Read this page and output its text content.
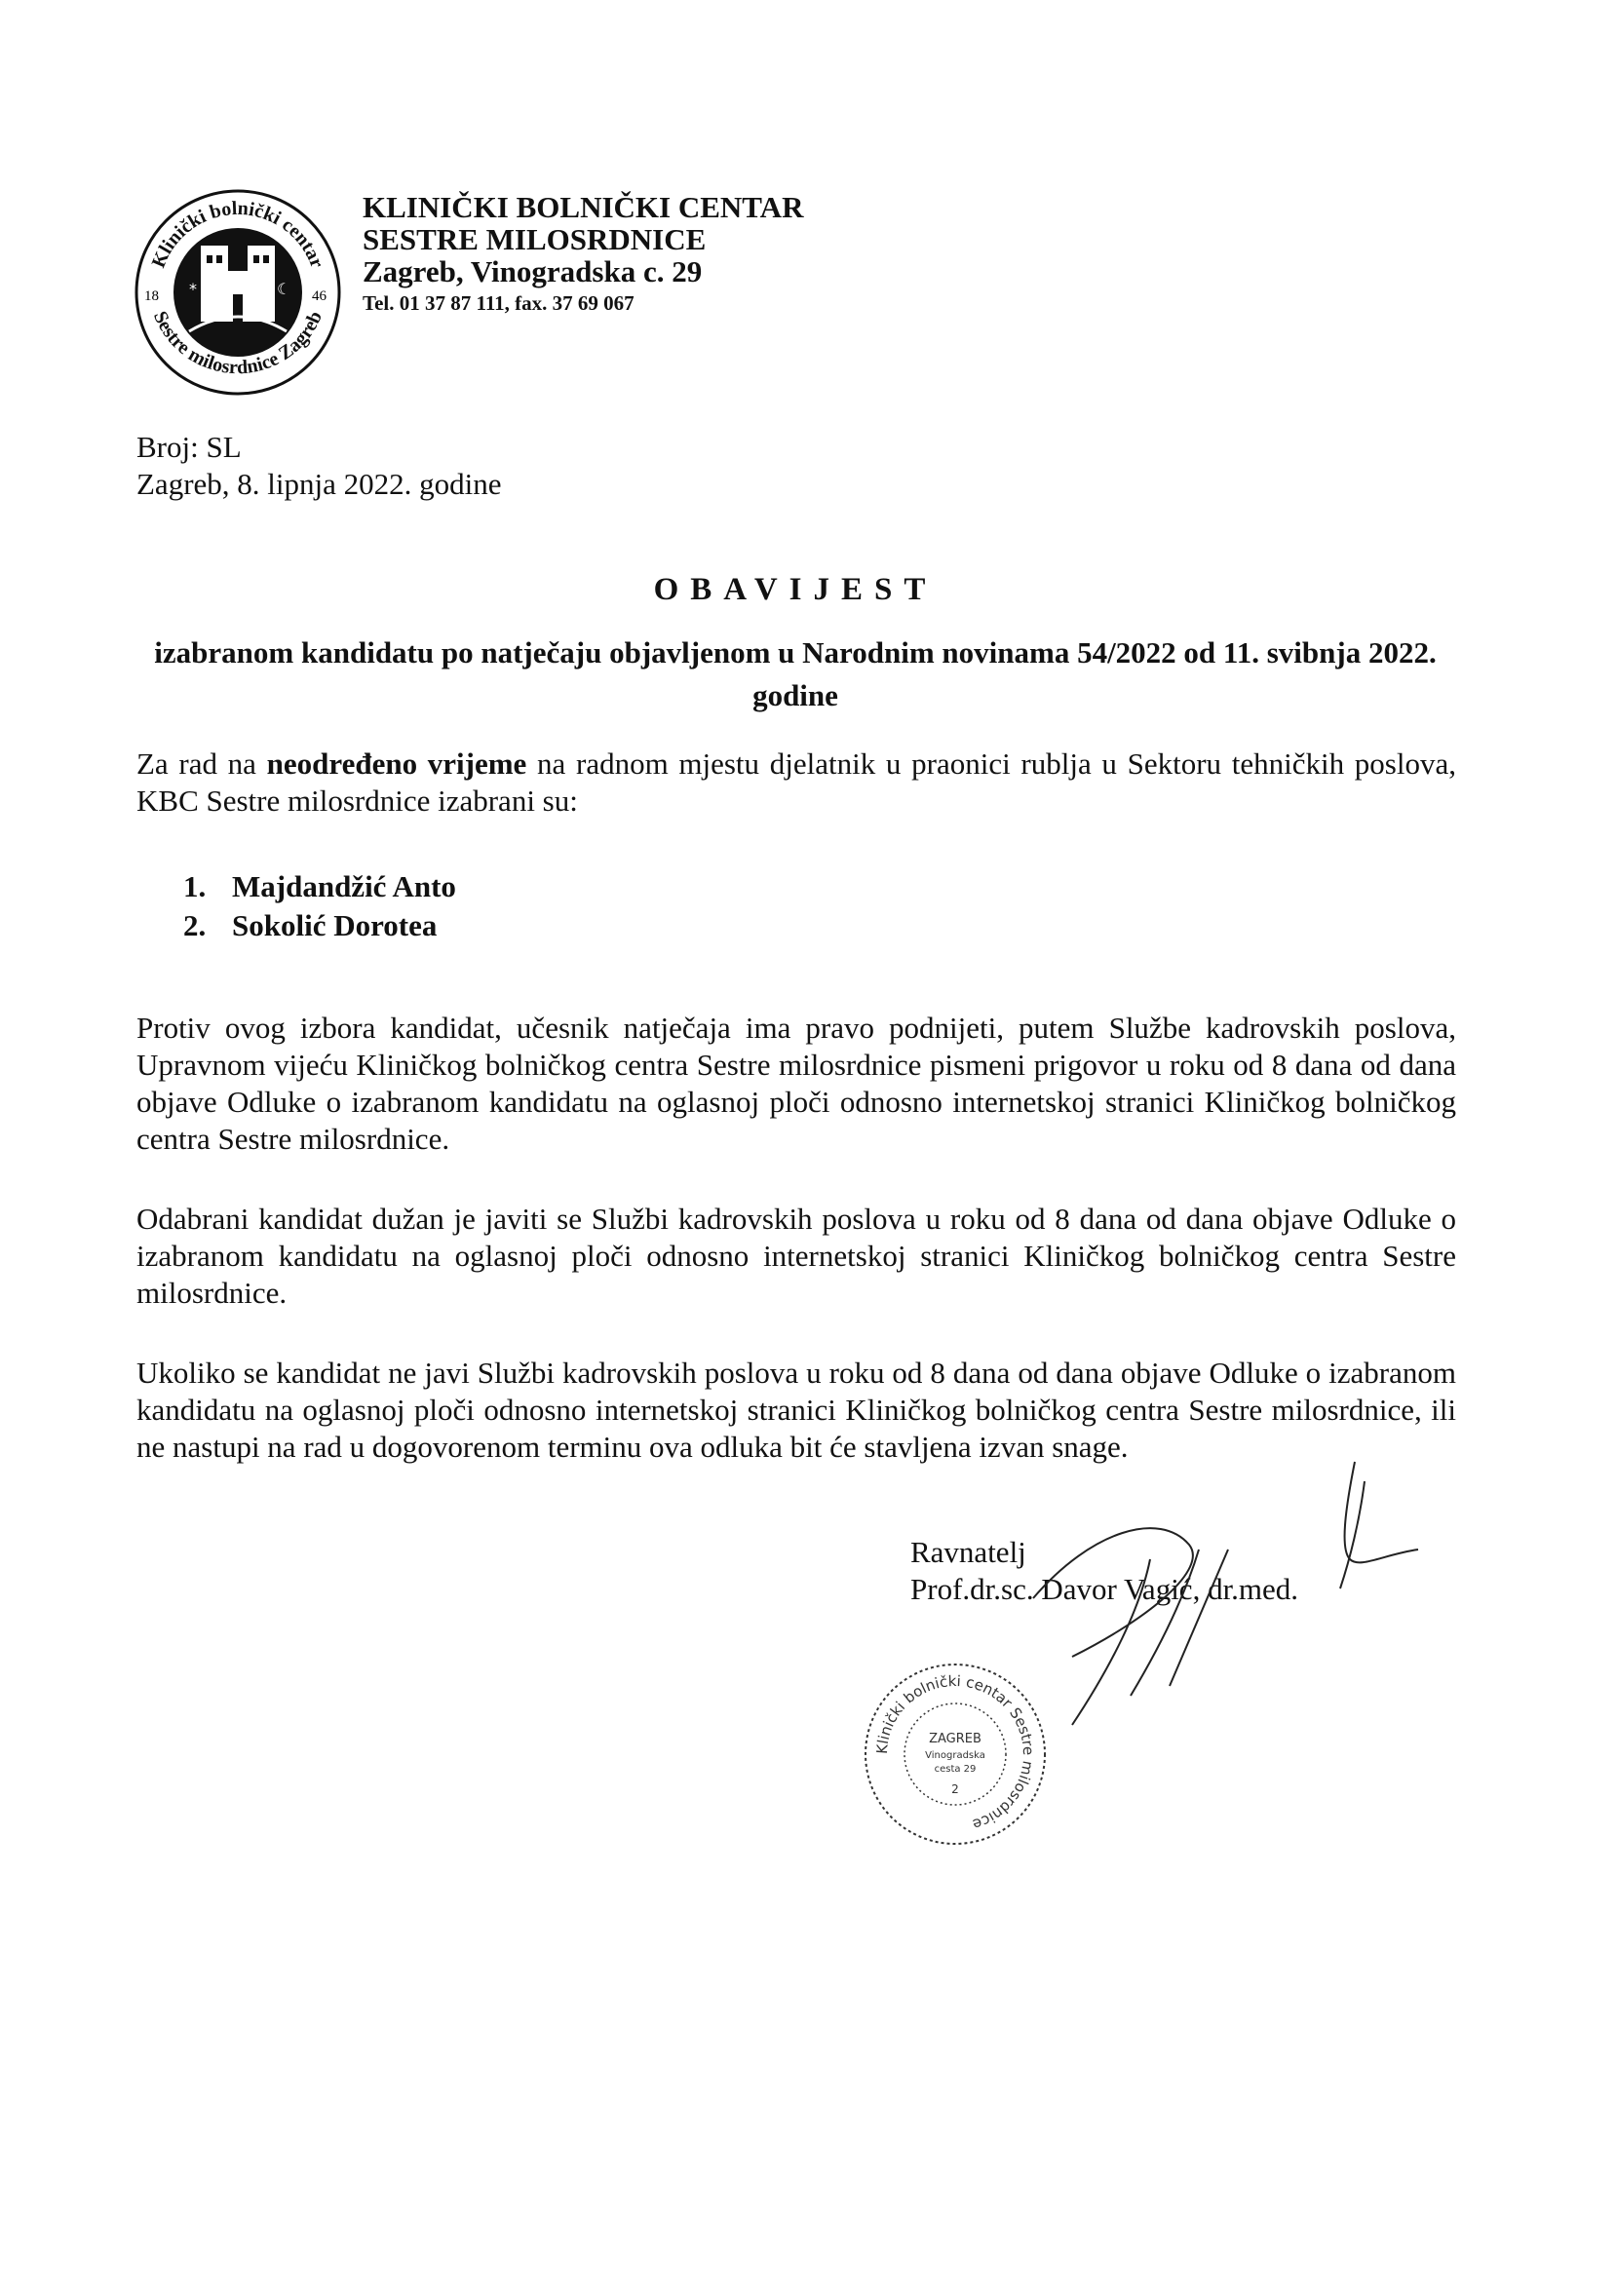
*	☾
Klinički bolnički centar
Sestre milosrdnice Zagreb
18	46
KLINIČKI BOLNIČKI CENTAR
SESTRE MILOSRDNICE
Zagreb, Vinogradska c. 29
Tel. 01 37 87 111, fax. 37 69 067
Broj: SL
Zagreb, 8. lipnja 2022. godine
OBAVIJEST
izabranom kandidatu po natječaju objavljenom u Narodnim novinama 54/2022 od 11. svibnja 2022. godine
Za rad na neodređeno vrijeme na radnom mjestu djelatnik u praonici rublja u Sektoru tehničkih poslova, KBC Sestre milosrdnice izabrani su:
1. Majdandžić Anto
2. Sokolić Dorotea
Protiv ovog izbora kandidat, učesnik natječaja ima pravo podnijeti, putem Službe kadrovskih poslova, Upravnom vijeću Kliničkog bolničkog centra Sestre milosrdnice pismeni prigovor u roku od 8 dana od dana objave Odluke o izabranom kandidatu na oglasnoj ploči odnosno internetskoj stranici Kliničkog bolničkog centra Sestre milosrdnice.
Odabrani kandidat dužan je javiti se Službi kadrovskih poslova u roku od 8 dana od dana objave Odluke o izabranom kandidatu na oglasnoj ploči odnosno internetskoj stranici Kliničkog bolničkog centra Sestre milosrdnice.
Ukoliko se kandidat ne javi Službi kadrovskih poslova u roku od 8 dana od dana objave Odluke o izabranom kandidatu na oglasnoj ploči odnosno internetskoj stranici Kliničkog bolničkog centra Sestre milosrdnice, ili ne nastupi na rad u dogovorenom terminu ova odluka bit će stavljena izvan snage.
Ravnatelj
Prof.dr.sc. Davor Vagić, dr.med.
Klinički bolnički centar Sestre milosrdnice
ZAGREB
Vinogradska
cesta 29
2
